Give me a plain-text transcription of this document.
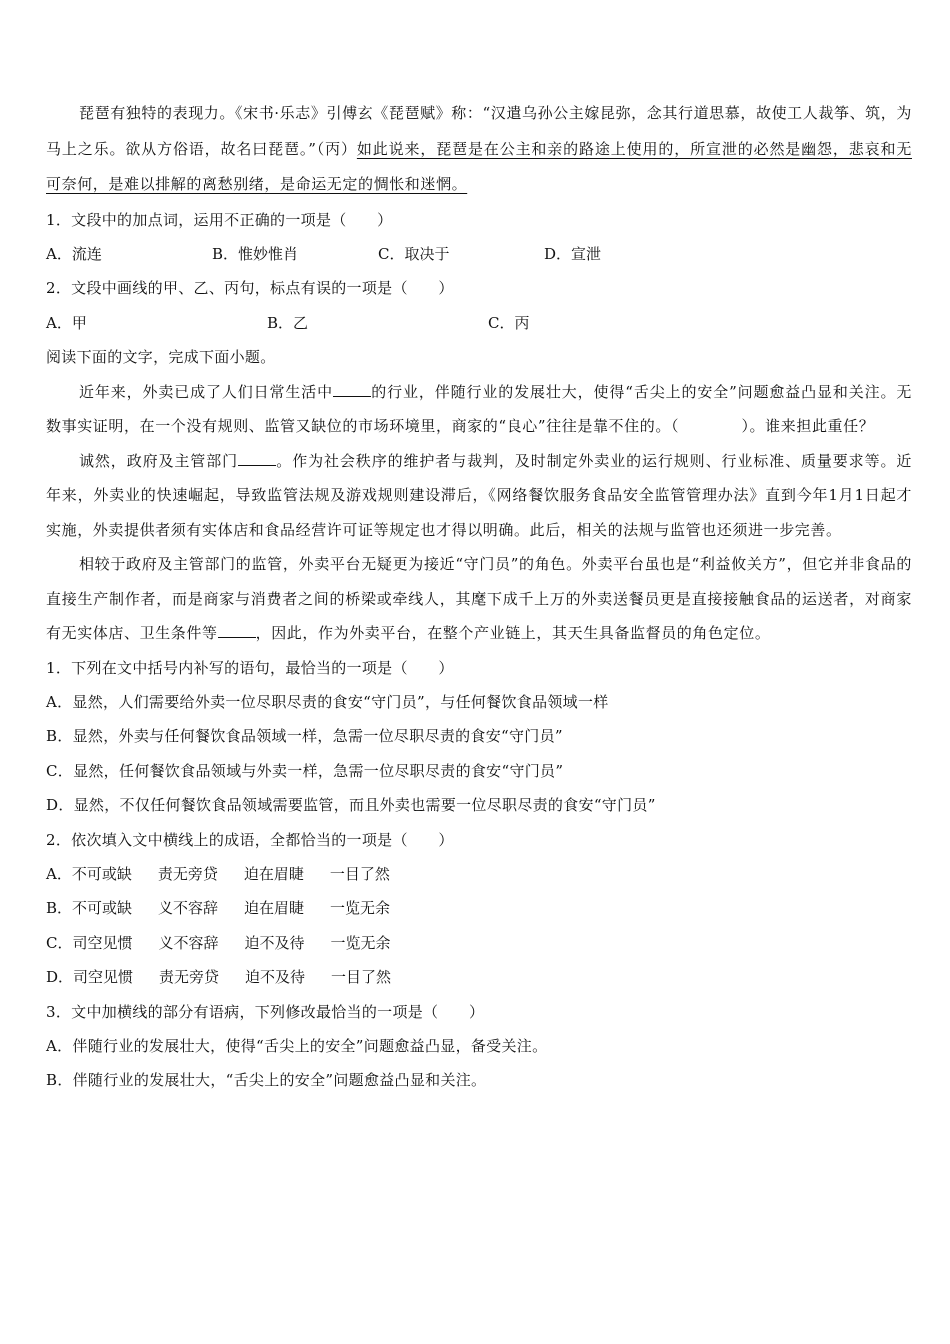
琵琶有独特的表现力。《宋书·乐志》引傅玄《琵琶赋》称：“汉遣乌孙公主嫁昆弥，念其行道思慕，故使工人裁筝、筑，为马上之乐。欲从方俗语，故名曰琵琶。”（丙）如此说来，琵琶是在公主和亲的路途上使用的，所宣泄的必然是幽怨，悲哀和无可奈何，是难以排解的离愁别绪，是命运无定的惆怅和迷惘。

1．文段中的加点词，运用不正确的一项是（　　）

A．流连	B．惟妙惟肖	C．取决于	D．宣泄

2．文段中画线的甲、乙、丙句，标点有误的一项是（　　）

A．甲	B．乙	C．丙

阅读下面的文字，完成下面小题。

近年来，外卖已成了人们日常生活中	的行业，伴随行业的发展壮大，使得“舌尖上的安全”问题愈益凸显和关注。无数事实证明，在一个没有规则、监管又缺位的市场环境里，商家的“良心”往往是靠不住的。（　　　　）。谁来担此重任？

诚然，政府及主管部门	。作为社会秩序的维护者与裁判，及时制定外卖业的运行规则、行业标准、质量要求等。近年来，外卖业的快速崛起，导致监管法规及游戏规则建设滞后，《网络餐饮服务食品安全监管管理办法》直到今年1月1日起才实施，外卖提供者须有实体店和食品经营许可证等规定也才得以明确。此后，相关的法规与监管也还须进一步完善。

相较于政府及主管部门的监管，外卖平台无疑更为接近“守门员”的角色。外卖平台虽也是“利益攸关方”，但它并非食品的直接生产制作者，而是商家与消费者之间的桥梁或牵线人，其麾下成千上万的外卖送餐员更是直接接触食品的运送者，对商家有无实体店、卫生条件等	，因此，作为外卖平台，在整个产业链上，其天生具备监督员的角色定位。

1．下列在文中括号内补写的语句，最恰当的一项是（　　）

A．显然，人们需要给外卖一位尽职尽责的食安“守门员”，与任何餐饮食品领域一样

B．显然，外卖与任何餐饮食品领域一样，急需一位尽职尽责的食安“守门员”

C．显然，任何餐饮食品领域与外卖一样，急需一位尽职尽责的食安“守门员”

D．显然，不仅任何餐饮食品领域需要监管，而且外卖也需要一位尽职尽责的食安“守门员”

2．依次填入文中横线上的成语，全都恰当的一项是（　　）

A．不可或缺 责无旁贷 迫在眉睫 一目了然

B．不可或缺 义不容辞 迫在眉睫 一览无余

C．司空见惯 义不容辞 迫不及待 一览无余

D．司空见惯 责无旁贷 迫不及待 一目了然

3．文中加横线的部分有语病，下列修改最恰当的一项是（　　）

A．伴随行业的发展壮大，使得“舌尖上的安全”问题愈益凸显，备受关注。

B．伴随行业的发展壮大，“舌尖上的安全”问题愈益凸显和关注。
